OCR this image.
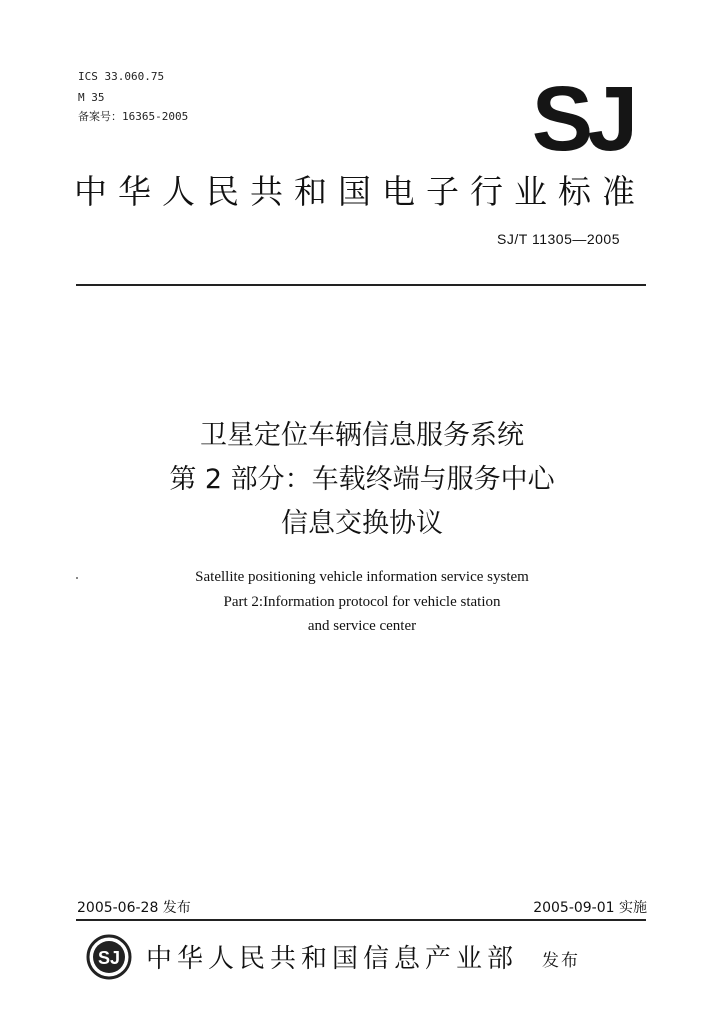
ICS 33.060.75
M 35
备案号：16365-2005	SJ
中华人民共和国电子行业标准
SJ/T 11305—2005
卫星定位车辆信息服务系统
第 2 部分：车载终端与服务中心
信息交换协议
Satellite positioning vehicle information service system
Part 2:Information protocol for vehicle station
and service center
2005-06-28 发布	2005-09-01 实施
SJ 中华人民共和国信息产业部 发布
